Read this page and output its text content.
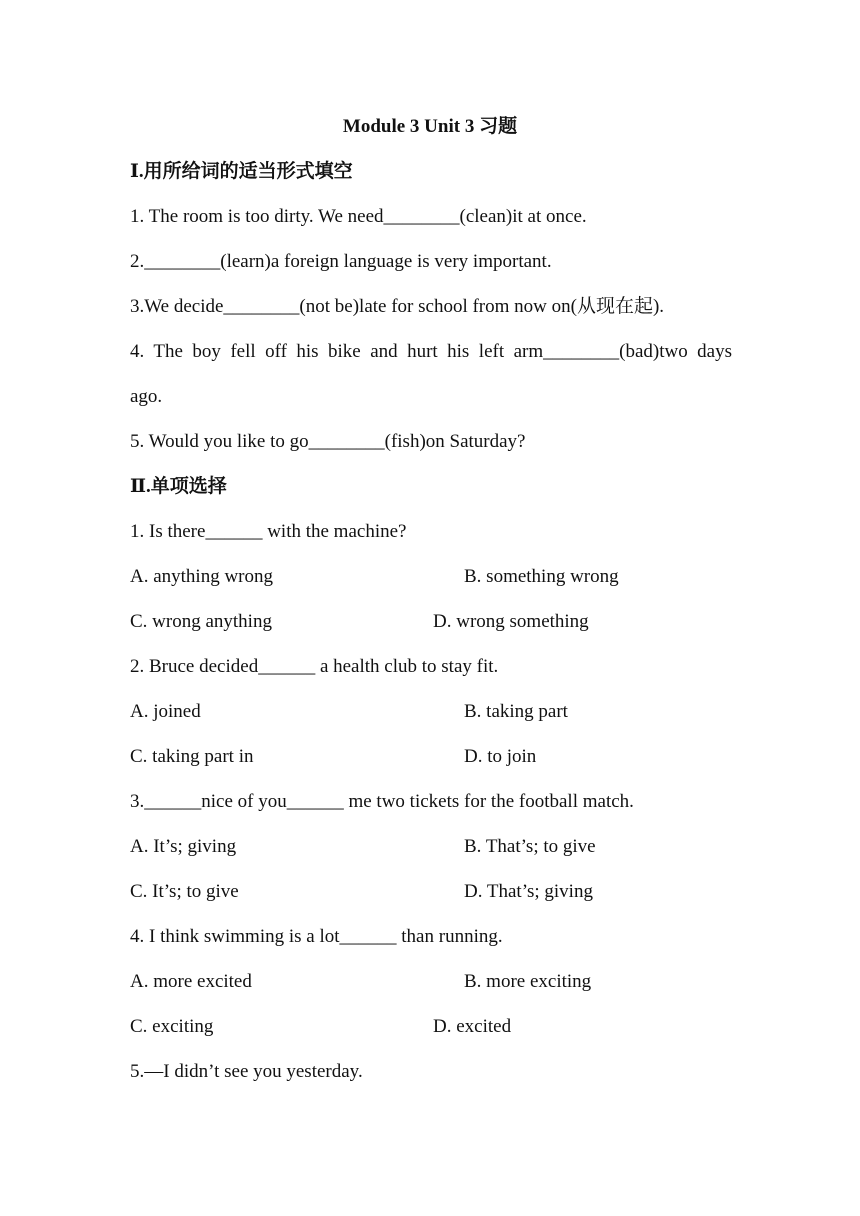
Module 3 Unit 3 习题
Ⅰ.用所给词的适当形式填空
1. The room is too dirty. We need________(clean)it at once.
2.________(learn)a foreign language is very important.
3.We decide________(not be)late for school from now on(从现在起).
4. The boy fell off his bike and hurt his left arm________(bad)two days
ago.
5. Would you like to go________(fish)on Saturday?
Ⅱ.单项选择
1. Is there______ with the machine?
A. anything wrong	B. something wrong
C. wrong anything	D. wrong something
2. Bruce decided______ a health club to stay fit.
A. joined	B. taking part
C. taking part in	D. to join
3.______nice of you______ me two tickets for the football match.
A. It’s; giving	B. That’s; to give
C. It’s; to give	D. That’s; giving
4. I think swimming is a lot______ than running.
A. more excited	B. more exciting
C. exciting	D. excited
5.—I didn’t see you yesterday.
